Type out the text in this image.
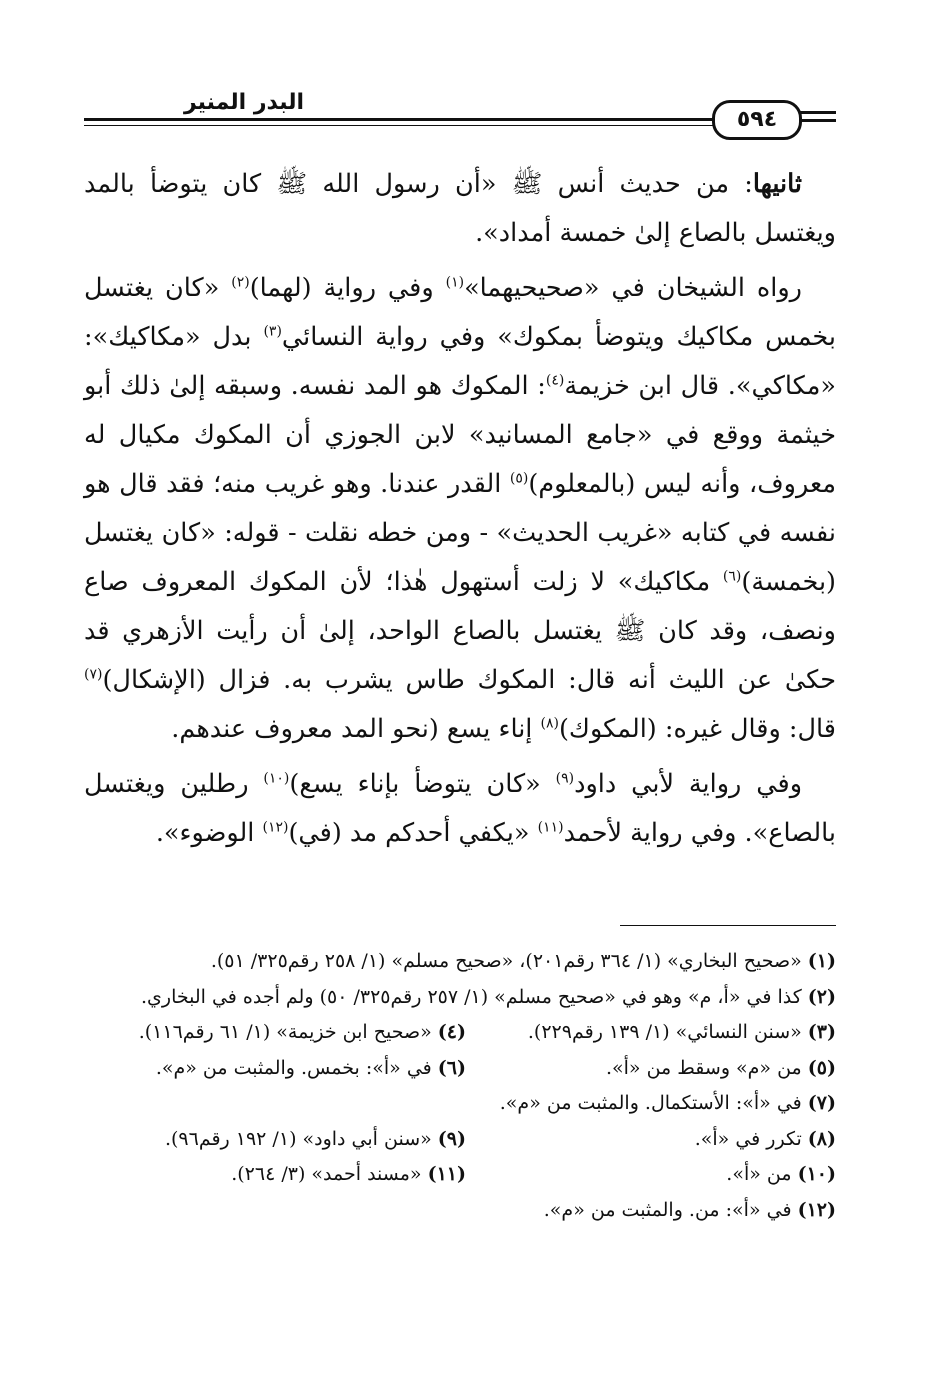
البدر المنير
٥٩٤

ثانيها: من حديث أنس ﷺ «أن رسول الله ﷺ كان يتوضأ بالمد ويغتسل بالصاع إلىٰ خمسة أمداد».

رواه الشيخان في «صحيحيهما»$^{(١)}$ وفي رواية (لهما)$^{(٢)}$ «كان يغتسل بخمس مكاكيك ويتوضأ بمكوك» وفي رواية النسائي$^{(٣)}$ بدل «مكاكيك»: «مكاكي». قال ابن خزيمة$^{(٤)}$: المكوك هو المد نفسه. وسبقه إلىٰ ذلك أبو خيثمة ووقع في «جامع المسانيد» لابن الجوزي أن المكوك مكيال له معروف، وأنه ليس (بالمعلوم)$^{(٥)}$ القدر عندنا. وهو غريب منه؛ فقد قال هو نفسه في كتابه «غريب الحديث» - ومن خطه نقلت - قوله: «كان يغتسل (بخمسة)$^{(٦)}$ مكاكيك» لا زلت أستهول هٰذا؛ لأن المكوك المعروف صاع ونصف، وقد كان ﷺ يغتسل بالصاع الواحد، إلىٰ أن رأيت الأزهري قد حكىٰ عن الليث أنه قال: المكوك طاس يشرب به. فزال (الإشكال)$^{(٧)}$ قال: وقال غيره: (المكوك)$^{(٨)}$ إناء يسع (نحو المد معروف عندهم.

وفي رواية لأبي داود$^{(٩)}$ «كان يتوضأ بإناء يسع)$^{(١٠)}$ رطلين ويغتسل بالصاع». وفي رواية لأحمد$^{(١١)}$ «يكفي أحدكم مد (في)$^{(١٢)}$ الوضوء».

(١) «صحيح البخاري» (١/ ٣٦٤ رقم٢٠١)، «صحيح مسلم» (١/ ٢٥٨ رقم٣٢٥/ ٥١).
(٢) كذا في «أ، م» وهو في «صحيح مسلم» (١/ ٢٥٧ رقم٣٢٥/ ٥٠) ولم أجده في البخاري.
(٣) «سنن النسائي» (١/ ١٣٩ رقم٢٢٩).(٤) «صحيح ابن خزيمة» (١/ ٦١ رقم١١٦).
(٥) من «م» وسقط من «أ».(٦) في «أ»: بخمس. والمثبت من «م».
(٧) في «أ»: الأستكمال. والمثبت من «م».
(٨) تكرر في «أ».(٩) «سنن أبي داود» (١/ ١٩٢ رقم٩٦).
(١٠) من «أ».(١١) «مسند أحمد» (٣/ ٢٦٤).
(١٢) في «أ»: من. والمثبت من «م».
